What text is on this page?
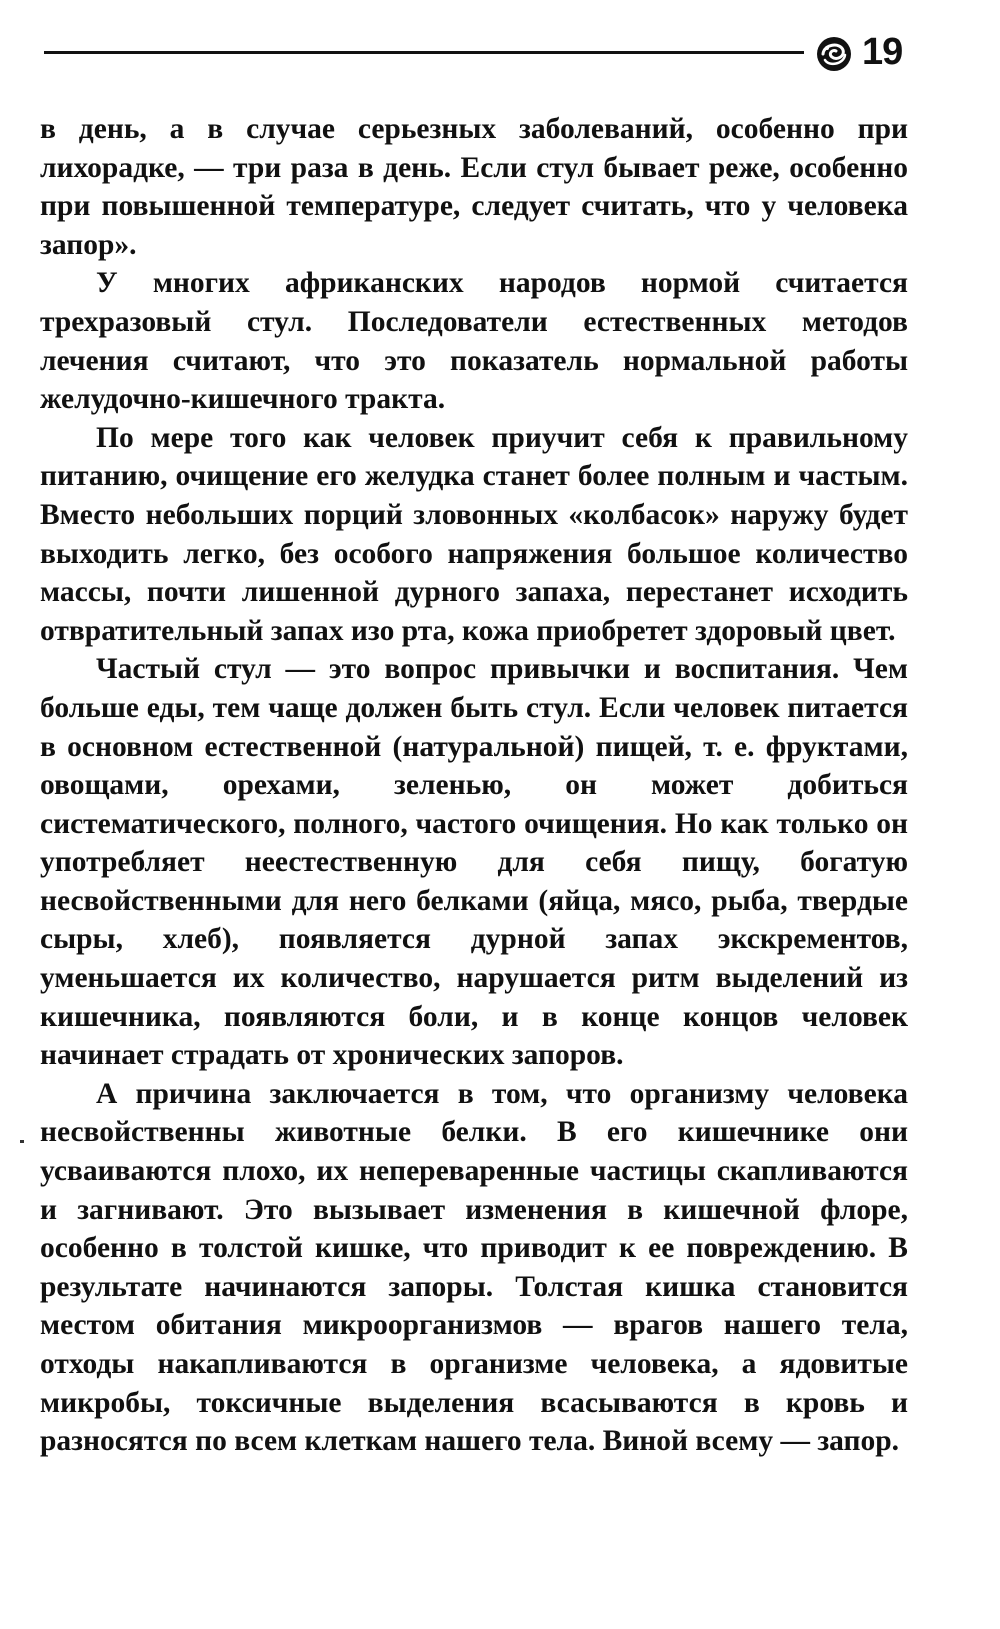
19

в день, а в случае серьезных заболеваний, особенно при лихорадке, — три раза в день. Если стул бывает реже, особенно при повышенной температуре, следует считать, что у человека запор».

У многих африканских народов нормой считается трехразовый стул. Последователи естественных методов лечения считают, что это показатель нормальной работы желудочно-кишечного тракта.

По мере того как человек приучит себя к правильному питанию, очищение его желудка станет более полным и частым. Вместо небольших порций зловонных «колбасок» наружу будет выходить легко, без особого напряжения большое количество массы, почти лишенной дурного запаха, перестанет исходить отвратительный запах изо рта, кожа приобретет здоровый цвет.

Частый стул — это вопрос привычки и воспитания. Чем больше еды, тем чаще должен быть стул. Если человек питается в основном естественной (натуральной) пищей, т. е. фруктами, овощами, орехами, зеленью, он может добиться систематического, полного, частого очищения. Но как только он употребляет неестественную для себя пищу, богатую несвойственными для него белками (яйца, мясо, рыба, твердые сыры, хлеб), появляется дурной запах экскрементов, уменьшается их количество, нарушается ритм выделений из кишечника, появляются боли, и в конце концов человек начинает страдать от хронических запоров.

А причина заключается в том, что организму человека несвойственны животные белки. В его кишечнике они усваиваются плохо, их непереваренные частицы скапливаются и загнивают. Это вызывает изменения в кишечной флоре, особенно в толстой кишке, что приводит к ее повреждению. В результате начинаются запоры. Толстая кишка становится местом обитания микроорганизмов — врагов нашего тела, отходы накапливаются в организме человека, а ядовитые микробы, токсичные выделения всасываются в кровь и разносятся по всем клеткам нашего тела. Виной всему — запор.
